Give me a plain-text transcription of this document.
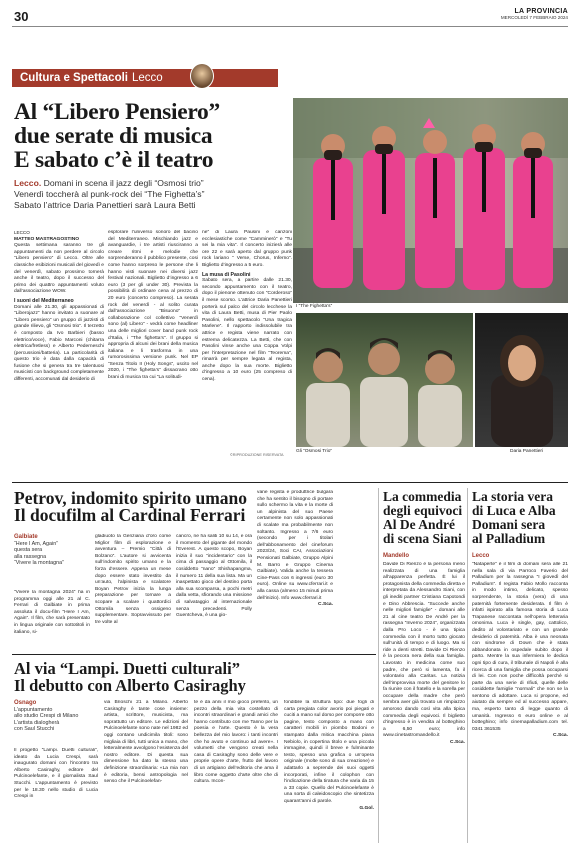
30	LA PROVINCIA
MERCOLEDÌ 7 FEBBRAIO 2024
Cultura e Spettacoli Lecco
Al “Libero Pensiero”
due serate di musica
E sabato c’è il teatro
Lecco. Domani in scena il jazz degli “Osmosi trio”
Venerdì toccherà al punk-rock dei “The Fighetta’s”
Sabato l’attrice Daria Panettieri sarà Laura Betti
LECCO
MATTEO MASTRAGOSTINO

Questa settimana saranno tre gli appuntamenti da non perdere al circolo “Libero pensiero” di Lecco. Oltre alle classiche esibizioni musicali del giovedì e del venerdì, sabato prossimo tornerà anche il teatro, dopo il successo del primo dei quattro appuntamenti voluto dall’associazione WOW.

I suoni del Mediterraneo

Domani alle 21.30, gli appassionati di “Liberojazz” hanno invitato a suonare al “Libero pensiero” un gruppo di jazzisti di grande rilievo, gli “Osmosi trio”. Il terzetto è composto da Ivo Barbieri (basso elettrico/voce), Fabio Marconi (chitarra elettrica/fretless) e Alberto Pederneschi (percussioni/batteria). La particolarità di questo trio è data dalla capacità di fusione che si genera tra tre talentuosi musicisti con background completamente differenti, accomunati dal desiderio di

esplorare l’universo sonoro del bacino del Mediterraneo. Mischiando jazz e avanguardie, i tre artisti riusciranno a creare ritmi e melodie che sorprenderanno il pubblico presente, cosi come hanno sorpreso le persone che li hanno visti suonare nei diversi jazz festival nazionali. Biglietto d’ingresso a 6 euro (3 per gli under 30). Prevista la possibilità di ordinare cena al prezzo di 20 euro (concerto compreso). La serata rock del venerdì - al solito curata dall’associazione “Bisuono” in collaborazione col collettivo “Venerdì sono (al) Libero” - vedrà come headliner una delle migliori cover band punk rock d’Italia, i “The fighetta’s”. Il gruppo si appropria di alcuni dei brani della musica italiana e li trasforma in una rumorosissima versione punk. Nel EP “Senza Titolo II (Holy Songs”, uscito nel 2020, i “The fighetta’s” dissacrano otto brani di musica tra cui “La solitudi-

ne” di Laura Pausini e canzoni ecclesiastiche come “Camminerò” e “Tu sei la mia vita”. Il concerto inizierà alle ore 22 e sarà aperto dal gruppo punk rock lariano “ Verse, Chorus, Inferno”. Biglietto d’ingresso a 5 euro.

La musa di Pasolini

Sabato sera, a partire dalle 21.30, secondo appuntamento con il teatro, dopo il pienone ottenuto con “Corderoso” il mese scorso. L’attrice Daria Panettieri porterà sul palco del circolo lecchese la vita di Laura Betti, musa di Pier Paolo Pasolini, nello spettacolo “Una tragica Marlene”. Il rapporto indissolubile tra attrice e regista viene narrato con estrema delicatezza. La Betti, che con Pasolini vinse anche una Coppa Volpi per l’interpretazione nel film “Teorema”, rimarrà per sempre legata al regista, anche dopo la sua morte. Biglietto d’ingresso a 10 euro (25 compreso di cena).

©RIPRODUZIONE RISERVATA
I “The Fighetta’s”
Gli “Osmosi Trio”	Daria Panettieri
Petrov, indomito spirito umano
Il docufilm al Cardinal Ferrari
Galbiate
“Here I Am, Again”
questa sera
alla rassegna
“Vivere la montagna”

“Vivere la montagna 2024” ha in programma oggi alle 21 al C. Ferrari di Galbiate in prima assoluta il docu-film “Here I Am, Again”. Il film, che sarà presentato in lingua originale con sottotitoli in italiano, si-

gladiuoto la Genziana d’oro come Miglior film di esplorazione e avventura – Premio “Città di Bolzano”. L’autore si avvicenta sull’indomito spirito umano e la forza d’essere. Appena un mese dopo essere stato investito da un’auto, l’alpinista e scalatore Boyan Petrov inizia la lunga preparazione per tornare a scopare a scalare i quattordici Ottomila senza ossigeno supplementare. Sopravvissuto per tre volte al

cancro, ne ha saliti 10 su 14, e ora il momento del gigante del mondo l’Everest. A questo scopo, Boyan inizia il suo “incidentario” con la cima di passaggio al Ottomila, il cosiddetto “nano” Shishapangma, il numero 11 della sua lista. Ma un inaspettato gioco del destino porta alla sua scomparsa, a pochi metri dalla vetta, sfiorando una missione di salvataggio al internazionale senza precedenti. Polly Guentcheva, è una gio-

vane regista e produttrice bulgara che ha sentito il bisogno di portare sullo schermo la vita e la morte di un alpinista del suo Paese certamente non solo appassionati di scalate ma probabilmente non soltanto. Ingresso a 7/6 euro (secondo per i titolari dell’abbonamento del cineforum 2023/24, Soci CAI, Associazioni Pensionati Galbiate, Gruppo Alpini M. Barro e Gruppo Cinema Galbiate). Valida anche la tessera Cine-Pass con 6 ingressi (euro 30 euro). Online su www.cferrari.it e alla cassa (almeno 15 minuti prima dell’inizio). Info www.cferrari.it

C.Sca.
La commedia
degli equivoci
Al De André
di scena Siani
Mandello

Davide Di Rienzo è la persona meno realizzata di una famiglia all’apparenza perfetta. È lui il protagonista della commedia diretta e interpretata da Alessandro Siani, con gli inediti partner Cristiana Capotondi e Dino Abbrescia. “Succede anche nelle migliori famiglie” - domani alle 21 al cine teatro De André per la rassegna “Inverno 2024”, organizzata dalla Pro Loco - è una tipica commedia con il morto tutto giocato sull’unità di tempo e di luogo. Ma si ride a denti stretti. Davide Di Rienzo è la pecora nera della sua famiglia. Lavorato in medicina come suo padre, che però si lamenta, fa il volontario alla Caritas. La notizia dell’improvvisa morte del genitore lo fa riunire con il fratello e la sorella per occupare della madre che però sembra aver già trovato un rimpiazzo amoroso dando così vita alla tipica commedia degli equivoci. Il biglietto d’ingresso è in vendita al botteghino a 6,50 euro; info www.cinetastromandello.it

C.Sca.
La storia vera
di Luca e Alba
Domani sera
al Palladium
Lecco

“Nataperte” è il film di domani sera alle 21 nella sala di via Parroco Faverio del Palladium per la rassegna “I giovedì del Palladium”. Il regista Fabio Mollo racconta in modo intimo, delicato, spesso sorprendente, la storia (vera) di una paternità fortemente desiderata. Il film è infatti ispirato alla famosa storia di Luca Trapanese raccontata nell’opera letteraria omonima. Luca è single, gay, cattolico, dedito al volontariato e con un grande desiderio di paternità. Alba è una neonata con sindrome di Down che è stata abbandonata in ospedale subito dopo il parto. Mentre la sua infermiera le dedica ogni tipo di cura, il tribunale di Napoli è alla ricerca di una famiglia che possa occuparsi di lei. Con non poche difficoltà perché si parte da una serie di rifiuti, quelle delle cosiddette famiglie “normali” che non se la sentono di adottare. Luca si propone, ed aiutato da sempre ed al successo appare, ma, esperto tanto di legge quanto di umanità. Ingresso 6 euro online e al botteghino; info cinemapalladium.com tel. 0341 361535

C.Sca.
Al via “Lampi. Duetti culturali”
Il debutto con Alberto Casiraghy
Osnago
L’appuntamento
allo studio Crespi di Milano
L’artista dialogherà
con Saul Stucchi

Il progetto “Lampi. Duetti culturali”, ideato da Lucia Crespi, sarà inaugurato domani con l’incontro tra Alberto Casiraghy, editore del Pulcinoelefante, e il giornalista Saul Stucchi. L’appuntamento è previsto per le 18.30 nello studio di Lucia Crespi in

via Brioschi 21 a Milano. Alberto Casiraghy è tante cose insieme: artista, scrittore, musicista, ma soprattutto un editore. Le edizioni del Pulcinoelefante sono nate nel 1982 ed oggi contano undicimila titoli: sono migliaia di libri, tutti unica a mano, che letteralmente avvolgono l’esistenza del nostro editore. Di questa sua dimensione ha dato la stesso una definizione straordinaria: «La mia non è editoria, bensi antropologia nel senso che il Pulcinoelefan-

te è da anni il mio gioco preferito, un pezzo della mia vita costellato di incontri straordinari e grandi amici che hanno contributo con me Tanno per la poesia e l’arte. Questo è la vera bellezza del mio lavoro: i tanti incontri che ho avuto e continuo ad avere». I volumetti che vengono creati nella casa di Casiraghy sono delle vere e proprie opere d’arte, frutto del lavoro di un artigiano dell’editoria che ama il libro come oggetto d’arte oltre che di cultura. Incon-

fondibile la struttura tipo: due fogli di carta pregiata color avorio poi piegati e cuciti a mano sul dorso per comporre otto pagine, testo composto a mano con caratteri mobili in piombo Bodoni e stampato dalla mitica macchina piana Nebiolo, in copertina titolo e una piccola immagine, quindi il breve e fulminante testo, spesso una grafica o un’opera originale (molte sono di sua creazione) e adattarlo a seprende dei suoi oggetti incorporati, infine il colophon con l’indicazione della tiratura che varia da 15 a 33 copie. Quello del Pulcinoelefante è una sorta di caleidoscopio che sintetizza quarant’anni di parole.

G.Gol.
